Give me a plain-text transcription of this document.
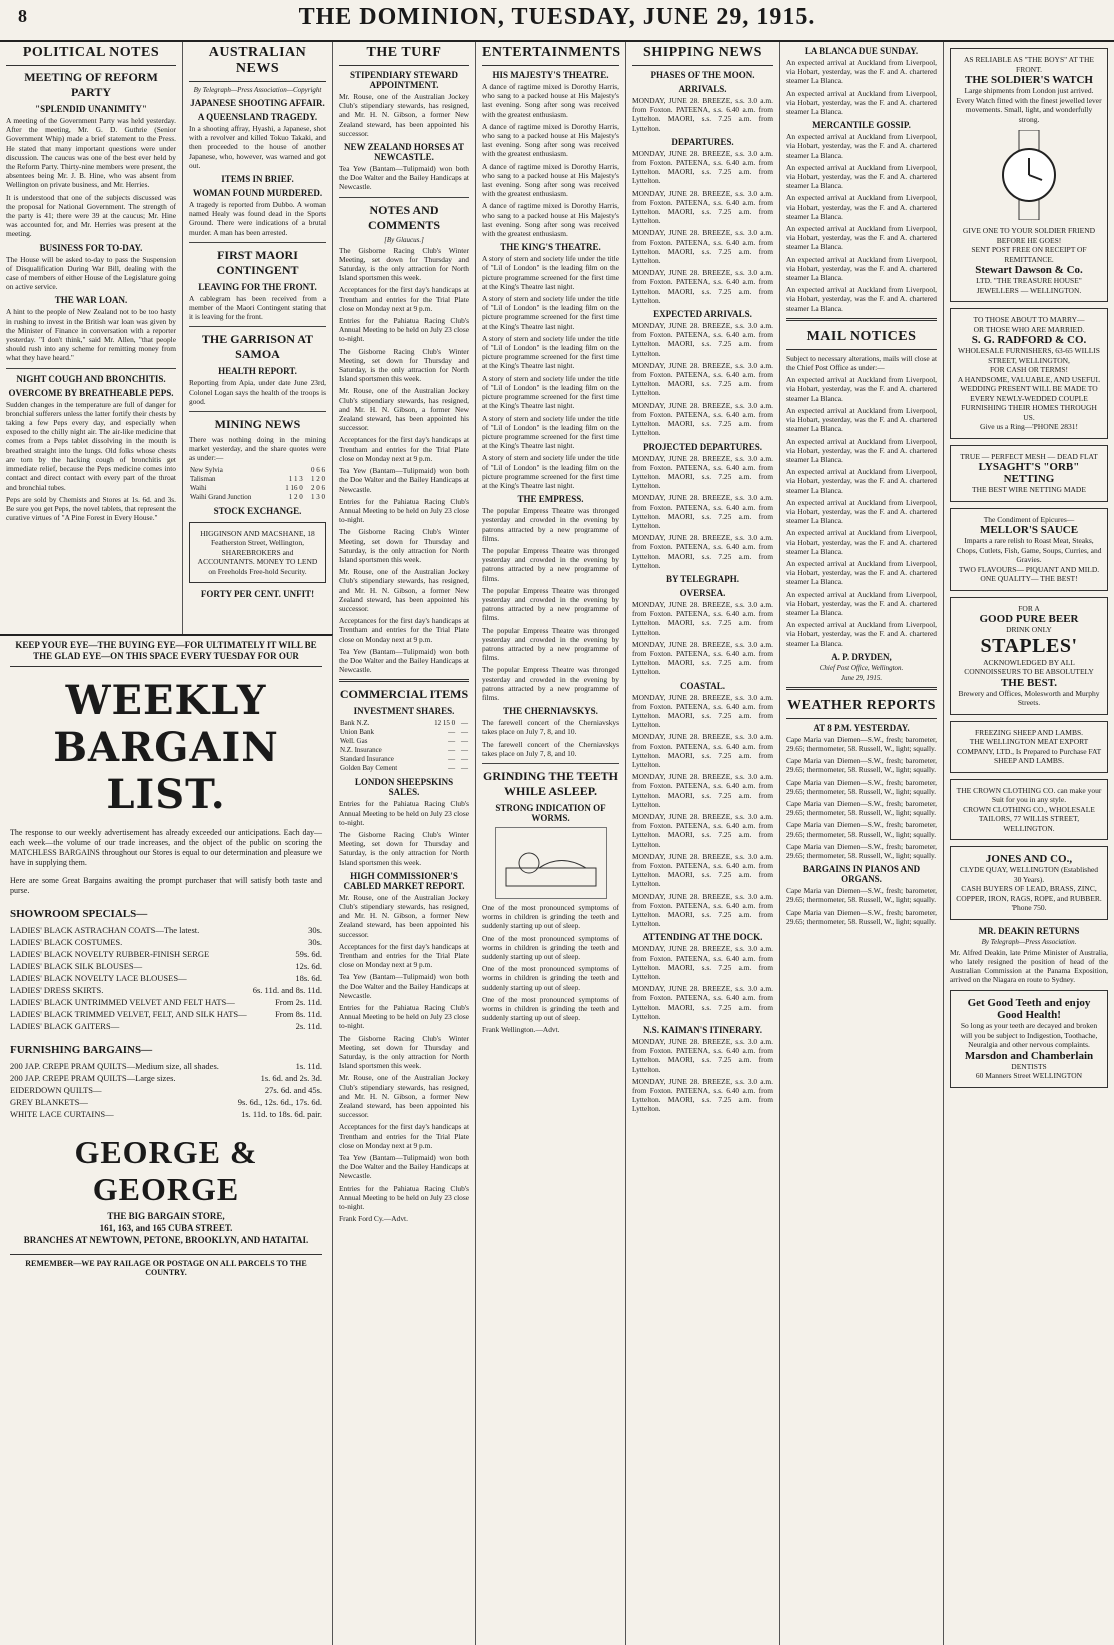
8	THE DOMINION, TUESDAY, JUNE 29, 1915.
POLITICAL NOTES
MEETING OF REFORM PARTY
"SPLENDID UNANIMITY"

A meeting of the Government Party was held yesterday. After the meeting, Mr. G. D. Guthrie (Senior Government Whip) made a brief statement to the Press. He stated that many important questions were under discussion. The caucus was one of the best ever held by the Reform Party. Thirty-nine members were present, the absentees being Mr. J. B. Hine, who was absent from Wellington on private business, and Mr. Herries.

It is understood that one of the subjects discussed was the proposal for National Government. The strength of the party is 41; there were 39 at the caucus; Mr. Hine was accounted for, and Mr. Herries was present at the meeting.

BUSINESS FOR TO-DAY.

The House will be asked to-day to pass the Suspension of Disqualification During War Bill, dealing with the case of members of either House of the Legislature going on active service.

THE WAR LOAN.

A hint to the people of New Zealand not to be too hasty in rushing to invest in the British war loan was given by the Minister of Finance in conversation with a reporter yesterday. "I don't think," said Mr. Allen, "that people should rush into any scheme for remitting money from what they have heard."

NIGHT COUGH AND BRONCHITIS.
OVERCOME BY BREATHEABLE PEPS.

Sudden changes in the temperature are full of danger for bronchial sufferers unless the latter fortify their chests by taking a few Peps every day, and especially when exposed to the chilly night air. The air-like medicine that comes from a Peps tablet dissolving in the mouth is breathed straight into the lungs. Old folks whose chests are torn by the hacking cough of bronchitis get immediate relief, because the Peps medicine comes into contact and direct contact with every part of the throat and bronchial tubes.

Peps are sold by Chemists and Stores at 1s. 6d. and 3s. Be sure you get Peps, the novel tablets, that represent the curative virtues of "A Pine Forest in Every House."

AUSTRALIAN NEWS
By Telegraph—Press Association—Copyright
JAPANESE SHOOTING AFFAIR.
A QUEENSLAND TRAGEDY.

In a shooting affray, Hyashi, a Japanese, shot with a revolver and killed Tokuo Takaki, and then proceeded to the house of another Japanese, who, however, was warned and got out.

ITEMS IN BRIEF.
WOMAN FOUND MURDERED.

A tragedy is reported from Dubbo. A woman named Healy was found dead in the Sports Ground. There were indications of a brutal murder. A man has been arrested.

FIRST MAORI CONTINGENT
LEAVING FOR THE FRONT.

A cablegram has been received from a member of the Maori Contingent stating that it is leaving for the front.

THE GARRISON AT SAMOA
HEALTH REPORT.

Reporting from Apia, under date June 23rd, Colonel Logan says the health of the troops is good.

MINING NEWS

There was nothing doing in the mining market yesterday, and the share quotes were as under:—

New Sylvia		0 6 6
Talisman	1 1 3	1 2 0
Waihi	1 16 0	2 0 6
Waihi Grand Junction	1 2 0	1 3 0
STOCK EXCHANGE.
HIGGINSON AND MACSHANE, 18 Featherston Street, Wellington, SHAREBROKERS and ACCOUNTANTS. MONEY TO LEND on Freeholds Free-hold Security.
FORTY PER CENT. UNFIT!
KEEP YOUR EYE—THE BUYING EYE—FOR ULTIMATELY IT WILL BE THE GLAD EYE—ON THIS SPACE EVERY TUESDAY FOR OUR
WEEKLY BARGAIN LIST.

The response to our weekly advertisement has already exceeded our anticipations. Each day—each week—the volume of our trade increases, and the object of the public on scoring the MATCHLESS BARGAINS throughout our Stores is equal to our determination and pleasure we have in supplying them.

Here are some Great Bargains awaiting the prompt purchaser that will satisfy both taste and purse.

SHOWROOM SPECIALS—
LADIES' BLACK ASTRACHAN COATS—The latest.	30s.
LADIES' BLACK COSTUMES.	30s.
LADIES' BLACK NOVELTY RUBBER-FINISH SERGE	59s. 6d.
LADIES' BLACK SILK BLOUSES—	12s. 6d.
LADIES' BLACK NOVELTY LACE BLOUSES—	18s. 6d.
LADIES' DRESS SKIRTS.	6s. 11d. and 8s. 11d.
LADIES' BLACK UNTRIMMED VELVET AND FELT HATS—	From 2s. 11d.
LADIES' BLACK TRIMMED VELVET, FELT, AND SILK HATS—	From 8s. 11d.
LADIES' BLACK GAITERS—	2s. 11d.
FURNISHING BARGAINS—
200 JAP. CREPE PRAM QUILTS—Medium size, all shades.	1s. 11d.
200 JAP. CREPE PRAM QUILTS—Large sizes.	1s. 6d. and 2s. 3d.
EIDERDOWN QUILTS—	27s. 6d. and 45s.
GREY BLANKETS—	9s. 6d., 12s. 6d., 17s. 6d.
WHITE LACE CURTAINS—	1s. 11d. to 18s. 6d. pair.
GEORGE & GEORGE
THE BIG BARGAIN STORE,
161, 163, and 165 CUBA STREET.
BRANCHES AT NEWTOWN, PETONE, BROOKLYN, AND HATAITAI.
REMEMBER—WE PAY RAILAGE OR POSTAGE ON ALL PARCELS TO THE COUNTRY.
THE TURF
STIPENDIARY STEWARD APPOINTMENT.

Mr. Rouse, one of the Australian Jockey Club's stipendiary stewards, has resigned, and Mr. H. N. Gibson, a former New Zealand steward, has been appointed his successor.

NEW ZEALAND HORSES AT NEWCASTLE.

Tea Yew (Bantam—Tulipmaid) won both the Doe Walter and the Bailey Handicaps at Newcastle.

NOTES AND COMMENTS
[By Glaucus.]

The Gisborne Racing Club's Winter Meeting, set down for Thursday and Saturday, is the only attraction for North Island sportsmen this week.

Acceptances for the first day's handicaps at Trentham and entries for the Trial Plate close on Monday next at 9 p.m.

Entries for the Pahiatua Racing Club's Annual Meeting to be held on July 23 close to-night.

The Gisborne Racing Club's Winter Meeting, set down for Thursday and Saturday, is the only attraction for North Island sportsmen this week.

Mr. Rouse, one of the Australian Jockey Club's stipendiary stewards, has resigned, and Mr. H. N. Gibson, a former New Zealand steward, has been appointed his successor.

Acceptances for the first day's handicaps at Trentham and entries for the Trial Plate close on Monday next at 9 p.m.

Tea Yew (Bantam—Tulipmaid) won both the Doe Walter and the Bailey Handicaps at Newcastle.

Entries for the Pahiatua Racing Club's Annual Meeting to be held on July 23 close to-night.

The Gisborne Racing Club's Winter Meeting, set down for Thursday and Saturday, is the only attraction for North Island sportsmen this week.

Mr. Rouse, one of the Australian Jockey Club's stipendiary stewards, has resigned, and Mr. H. N. Gibson, a former New Zealand steward, has been appointed his successor.

Acceptances for the first day's handicaps at Trentham and entries for the Trial Plate close on Monday next at 9 p.m.

Tea Yew (Bantam—Tulipmaid) won both the Doe Walter and the Bailey Handicaps at Newcastle.

COMMERCIAL ITEMS
INVESTMENT SHARES.
Bank N.Z.	12 15 0	—
Union Bank	—	—
Well. Gas	—	—
N.Z. Insurance	—	—
Standard Insurance	—	—
Golden Bay Cement	—	—
LONDON SHEEPSKINS SALES.

Entries for the Pahiatua Racing Club's Annual Meeting to be held on July 23 close to-night.

The Gisborne Racing Club's Winter Meeting, set down for Thursday and Saturday, is the only attraction for North Island sportsmen this week.

HIGH COMMISSIONER'S CABLED MARKET REPORT.

Mr. Rouse, one of the Australian Jockey Club's stipendiary stewards, has resigned, and Mr. H. N. Gibson, a former New Zealand steward, has been appointed his successor.

Acceptances for the first day's handicaps at Trentham and entries for the Trial Plate close on Monday next at 9 p.m.

Tea Yew (Bantam—Tulipmaid) won both the Doe Walter and the Bailey Handicaps at Newcastle.

Entries for the Pahiatua Racing Club's Annual Meeting to be held on July 23 close to-night.

The Gisborne Racing Club's Winter Meeting, set down for Thursday and Saturday, is the only attraction for North Island sportsmen this week.

Mr. Rouse, one of the Australian Jockey Club's stipendiary stewards, has resigned, and Mr. H. N. Gibson, a former New Zealand steward, has been appointed his successor.

Acceptances for the first day's handicaps at Trentham and entries for the Trial Plate close on Monday next at 9 p.m.

Tea Yew (Bantam—Tulipmaid) won both the Doe Walter and the Bailey Handicaps at Newcastle.

Entries for the Pahiatua Racing Club's Annual Meeting to be held on July 23 close to-night.

Frank Ford Cy.—Advt.

ENTERTAINMENTS
HIS MAJESTY'S THEATRE.

A dance of ragtime mixed is Dorothy Harris, who sang to a packed house at His Majesty's last evening. Song after song was received with the greatest enthusiasm.

A dance of ragtime mixed is Dorothy Harris, who sang to a packed house at His Majesty's last evening. Song after song was received with the greatest enthusiasm.

A dance of ragtime mixed is Dorothy Harris, who sang to a packed house at His Majesty's last evening. Song after song was received with the greatest enthusiasm.

A dance of ragtime mixed is Dorothy Harris, who sang to a packed house at His Majesty's last evening. Song after song was received with the greatest enthusiasm.

THE KING'S THEATRE.

A story of stern and society life under the title of "Lil of London" is the leading film on the picture programme screened for the first time at the King's Theatre last night.

A story of stern and society life under the title of "Lil of London" is the leading film on the picture programme screened for the first time at the King's Theatre last night.

A story of stern and society life under the title of "Lil of London" is the leading film on the picture programme screened for the first time at the King's Theatre last night.

A story of stern and society life under the title of "Lil of London" is the leading film on the picture programme screened for the first time at the King's Theatre last night.

A story of stern and society life under the title of "Lil of London" is the leading film on the picture programme screened for the first time at the King's Theatre last night.

A story of stern and society life under the title of "Lil of London" is the leading film on the picture programme screened for the first time at the King's Theatre last night.

THE EMPRESS.

The popular Empress Theatre was thronged yesterday and crowded in the evening by patrons attracted by a new programme of films.

The popular Empress Theatre was thronged yesterday and crowded in the evening by patrons attracted by a new programme of films.

The popular Empress Theatre was thronged yesterday and crowded in the evening by patrons attracted by a new programme of films.

The popular Empress Theatre was thronged yesterday and crowded in the evening by patrons attracted by a new programme of films.

The popular Empress Theatre was thronged yesterday and crowded in the evening by patrons attracted by a new programme of films.

THE CHERNIAVSKYS.

The farewell concert of the Cherniavskys takes place on July 7, 8, and 10.

The farewell concert of the Cherniavskys takes place on July 7, 8, and 10.

GRINDING THE TEETH WHILE ASLEEP.
STRONG INDICATION OF WORMS.

One of the most pronounced symptoms of worms in children is grinding the teeth and suddenly starting up out of sleep.

One of the most pronounced symptoms of worms in children is grinding the teeth and suddenly starting up out of sleep.

One of the most pronounced symptoms of worms in children is grinding the teeth and suddenly starting up out of sleep.

One of the most pronounced symptoms of worms in children is grinding the teeth and suddenly starting up out of sleep.

Frank Wellington.—Advt.

SHIPPING NEWS
PHASES OF THE MOON.
ARRIVALS.

MONDAY, JUNE 28. BREEZE, s.s. 3.0 a.m. from Foxton. PATEENA, s.s. 6.40 a.m. from Lyttelton. MAORI, s.s. 7.25 a.m. from Lyttelton.

DEPARTURES.

MONDAY, JUNE 28. BREEZE, s.s. 3.0 a.m. from Foxton. PATEENA, s.s. 6.40 a.m. from Lyttelton. MAORI, s.s. 7.25 a.m. from Lyttelton.

MONDAY, JUNE 28. BREEZE, s.s. 3.0 a.m. from Foxton. PATEENA, s.s. 6.40 a.m. from Lyttelton. MAORI, s.s. 7.25 a.m. from Lyttelton.

MONDAY, JUNE 28. BREEZE, s.s. 3.0 a.m. from Foxton. PATEENA, s.s. 6.40 a.m. from Lyttelton. MAORI, s.s. 7.25 a.m. from Lyttelton.

MONDAY, JUNE 28. BREEZE, s.s. 3.0 a.m. from Foxton. PATEENA, s.s. 6.40 a.m. from Lyttelton. MAORI, s.s. 7.25 a.m. from Lyttelton.

EXPECTED ARRIVALS.

MONDAY, JUNE 28. BREEZE, s.s. 3.0 a.m. from Foxton. PATEENA, s.s. 6.40 a.m. from Lyttelton. MAORI, s.s. 7.25 a.m. from Lyttelton.

MONDAY, JUNE 28. BREEZE, s.s. 3.0 a.m. from Foxton. PATEENA, s.s. 6.40 a.m. from Lyttelton. MAORI, s.s. 7.25 a.m. from Lyttelton.

MONDAY, JUNE 28. BREEZE, s.s. 3.0 a.m. from Foxton. PATEENA, s.s. 6.40 a.m. from Lyttelton. MAORI, s.s. 7.25 a.m. from Lyttelton.

PROJECTED DEPARTURES.

MONDAY, JUNE 28. BREEZE, s.s. 3.0 a.m. from Foxton. PATEENA, s.s. 6.40 a.m. from Lyttelton. MAORI, s.s. 7.25 a.m. from Lyttelton.

MONDAY, JUNE 28. BREEZE, s.s. 3.0 a.m. from Foxton. PATEENA, s.s. 6.40 a.m. from Lyttelton. MAORI, s.s. 7.25 a.m. from Lyttelton.

MONDAY, JUNE 28. BREEZE, s.s. 3.0 a.m. from Foxton. PATEENA, s.s. 6.40 a.m. from Lyttelton. MAORI, s.s. 7.25 a.m. from Lyttelton.

BY TELEGRAPH.
OVERSEA.

MONDAY, JUNE 28. BREEZE, s.s. 3.0 a.m. from Foxton. PATEENA, s.s. 6.40 a.m. from Lyttelton. MAORI, s.s. 7.25 a.m. from Lyttelton.

MONDAY, JUNE 28. BREEZE, s.s. 3.0 a.m. from Foxton. PATEENA, s.s. 6.40 a.m. from Lyttelton. MAORI, s.s. 7.25 a.m. from Lyttelton.

COASTAL.

MONDAY, JUNE 28. BREEZE, s.s. 3.0 a.m. from Foxton. PATEENA, s.s. 6.40 a.m. from Lyttelton. MAORI, s.s. 7.25 a.m. from Lyttelton.

MONDAY, JUNE 28. BREEZE, s.s. 3.0 a.m. from Foxton. PATEENA, s.s. 6.40 a.m. from Lyttelton. MAORI, s.s. 7.25 a.m. from Lyttelton.

MONDAY, JUNE 28. BREEZE, s.s. 3.0 a.m. from Foxton. PATEENA, s.s. 6.40 a.m. from Lyttelton. MAORI, s.s. 7.25 a.m. from Lyttelton.

MONDAY, JUNE 28. BREEZE, s.s. 3.0 a.m. from Foxton. PATEENA, s.s. 6.40 a.m. from Lyttelton. MAORI, s.s. 7.25 a.m. from Lyttelton.

MONDAY, JUNE 28. BREEZE, s.s. 3.0 a.m. from Foxton. PATEENA, s.s. 6.40 a.m. from Lyttelton. MAORI, s.s. 7.25 a.m. from Lyttelton.

MONDAY, JUNE 28. BREEZE, s.s. 3.0 a.m. from Foxton. PATEENA, s.s. 6.40 a.m. from Lyttelton. MAORI, s.s. 7.25 a.m. from Lyttelton.

ATTENDING AT THE DOCK.

MONDAY, JUNE 28. BREEZE, s.s. 3.0 a.m. from Foxton. PATEENA, s.s. 6.40 a.m. from Lyttelton. MAORI, s.s. 7.25 a.m. from Lyttelton.

MONDAY, JUNE 28. BREEZE, s.s. 3.0 a.m. from Foxton. PATEENA, s.s. 6.40 a.m. from Lyttelton. MAORI, s.s. 7.25 a.m. from Lyttelton.

N.S. KAIMAN'S ITINERARY.

MONDAY, JUNE 28. BREEZE, s.s. 3.0 a.m. from Foxton. PATEENA, s.s. 6.40 a.m. from Lyttelton. MAORI, s.s. 7.25 a.m. from Lyttelton.

MONDAY, JUNE 28. BREEZE, s.s. 3.0 a.m. from Foxton. PATEENA, s.s. 6.40 a.m. from Lyttelton. MAORI, s.s. 7.25 a.m. from Lyttelton.

LA BLANCA DUE SUNDAY.

An expected arrival at Auckland from Liverpool, via Hobart, yesterday, was the F. and A. chartered steamer La Blanca.

An expected arrival at Auckland from Liverpool, via Hobart, yesterday, was the F. and A. chartered steamer La Blanca.

MERCANTILE GOSSIP.

An expected arrival at Auckland from Liverpool, via Hobart, yesterday, was the F. and A. chartered steamer La Blanca.

An expected arrival at Auckland from Liverpool, via Hobart, yesterday, was the F. and A. chartered steamer La Blanca.

An expected arrival at Auckland from Liverpool, via Hobart, yesterday, was the F. and A. chartered steamer La Blanca.

An expected arrival at Auckland from Liverpool, via Hobart, yesterday, was the F. and A. chartered steamer La Blanca.

An expected arrival at Auckland from Liverpool, via Hobart, yesterday, was the F. and A. chartered steamer La Blanca.

An expected arrival at Auckland from Liverpool, via Hobart, yesterday, was the F. and A. chartered steamer La Blanca.

MAIL NOTICES

Subject to necessary alterations, mails will close at the Chief Post Office as under:—

An expected arrival at Auckland from Liverpool, via Hobart, yesterday, was the F. and A. chartered steamer La Blanca.

An expected arrival at Auckland from Liverpool, via Hobart, yesterday, was the F. and A. chartered steamer La Blanca.

An expected arrival at Auckland from Liverpool, via Hobart, yesterday, was the F. and A. chartered steamer La Blanca.

An expected arrival at Auckland from Liverpool, via Hobart, yesterday, was the F. and A. chartered steamer La Blanca.

An expected arrival at Auckland from Liverpool, via Hobart, yesterday, was the F. and A. chartered steamer La Blanca.

An expected arrival at Auckland from Liverpool, via Hobart, yesterday, was the F. and A. chartered steamer La Blanca.

An expected arrival at Auckland from Liverpool, via Hobart, yesterday, was the F. and A. chartered steamer La Blanca.

An expected arrival at Auckland from Liverpool, via Hobart, yesterday, was the F. and A. chartered steamer La Blanca.

An expected arrival at Auckland from Liverpool, via Hobart, yesterday, was the F. and A. chartered steamer La Blanca.

A. P. DRYDEN,
Chief Post Office, Wellington.
June 29, 1915.
WEATHER REPORTS
AT 8 P.M. YESTERDAY.

Cape Maria van Diemen—S.W., fresh; barometer, 29.65; thermometer, 58. Russell, W., light; squally.

Cape Maria van Diemen—S.W., fresh; barometer, 29.65; thermometer, 58. Russell, W., light; squally.

Cape Maria van Diemen—S.W., fresh; barometer, 29.65; thermometer, 58. Russell, W., light; squally.

Cape Maria van Diemen—S.W., fresh; barometer, 29.65; thermometer, 58. Russell, W., light; squally.

Cape Maria van Diemen—S.W., fresh; barometer, 29.65; thermometer, 58. Russell, W., light; squally.

Cape Maria van Diemen—S.W., fresh; barometer, 29.65; thermometer, 58. Russell, W., light; squally.

BARGAINS IN PIANOS AND ORGANS.

Cape Maria van Diemen—S.W., fresh; barometer, 29.65; thermometer, 58. Russell, W., light; squally.

Cape Maria van Diemen—S.W., fresh; barometer, 29.65; thermometer, 58. Russell, W., light; squally.

AS RELIABLE AS "THE BOYS" AT THE FRONT.
THE SOLDIER'S WATCH
Large shipments from London just arrived. Every Watch fitted with the finest jewelled lever movements. Small, light, and wonderfully strong.
GIVE ONE TO YOUR SOLDIER FRIEND BEFORE HE GOES!
SENT POST FREE ON RECEIPT OF REMITTANCE.
Stewart Dawson & Co.
LTD. "THE TREASURE HOUSE" JEWELLERS — WELLINGTON.
TO THOSE ABOUT TO MARRY—
OR THOSE WHO ARE MARRIED.
S. G. RADFORD & CO.
WHOLESALE FURNISHERS, 63-65 WILLIS STREET, WELLINGTON,
FOR CASH OR TERMS!
A HANDSOME, VALUABLE, AND USEFUL WEDDING PRESENT WILL BE MADE TO EVERY NEWLY-WEDDED COUPLE FURNISHING THEIR HOMES THROUGH US.
Give us a Ring—'PHONE 2831!
TRUE — PERFECT MESH — DEAD FLAT
LYSAGHT'S "ORB" NETTING
THE BEST WIRE NETTING MADE
The Condiment of Epicures—
MELLOR'S SAUCE
Imparts a rare relish to Roast Meat, Steaks, Chops, Cutlets, Fish, Game, Soups, Curries, and Gravies.
TWO FLAVOURS— PIQUANT AND MILD. ONE QUALITY— THE BEST!
FOR A
GOOD PURE BEER
DRINK ONLY
STAPLES'
ACKNOWLEDGED BY ALL CONNOISSEURS TO BE ABSOLUTELY
THE BEST.
Brewery and Offices, Molesworth and Murphy Streets.
FREEZING SHEEP AND LAMBS.
THE WELLINGTON MEAT EXPORT COMPANY, LTD., Is Prepared to Purchase FAT SHEEP AND LAMBS.
THE CROWN CLOTHING CO. can make your Suit for you in any style.
CROWN CLOTHING CO., WHOLESALE TAILORS, 77 WILLIS STREET, WELLINGTON.
JONES AND CO.,
CLYDE QUAY, WELLINGTON (Established 30 Years).
CASH BUYERS OF LEAD, BRASS, ZINC, COPPER, IRON, RAGS, ROPE, and RUBBER. 'Phone 750.
MR. DEAKIN RETURNS
By Telegraph—Press Association.

Mr. Alfred Deakin, late Prime Minister of Australia, who lately resigned the position of head of the Australian Commission at the Panama Exposition, arrived on the Niagara en route to Sydney.

Get Good Teeth and enjoy Good Health!
So long as your teeth are decayed and broken will you be subject to Indigestion, Toothache, Neuralgia and other nervous complaints.
Marsdon and Chamberlain
DENTISTS
60 Manners Street WELLINGTON
